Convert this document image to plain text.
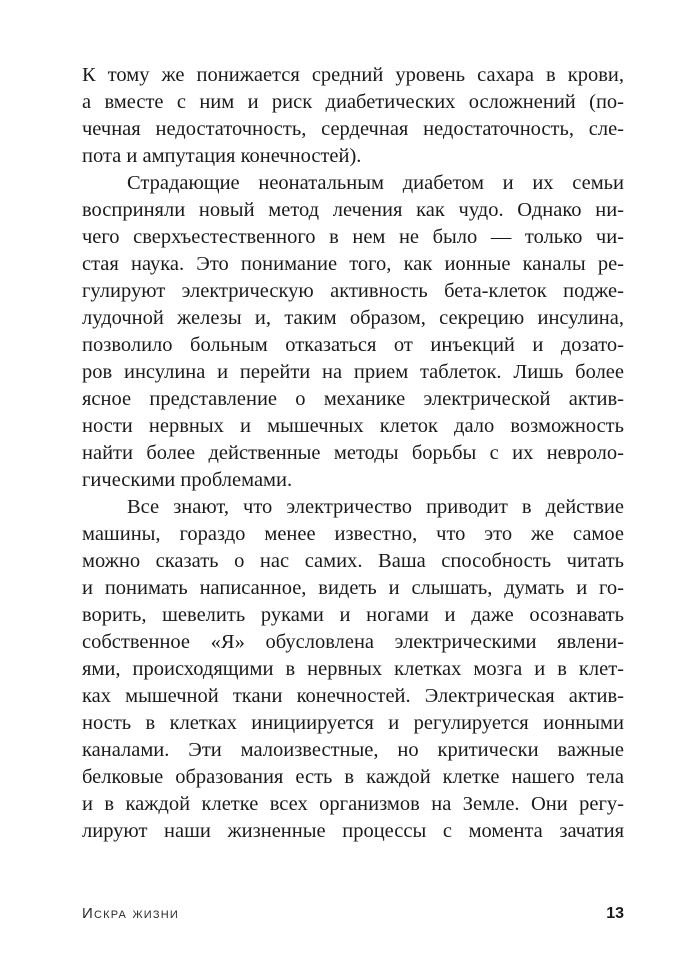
К тому же понижается средний уровень сахара в крови,
а вместе с ним и риск диабетических осложнений (по-
чечная недостаточность, сердечная недостаточность, сле-
пота и ампутация конечностей).
Страдающие неонатальным диабетом и их семьи
восприняли новый метод лечения как чудо. Однако ни-
чего сверхъестественного в нем не было — только чи-
стая наука. Это понимание того, как ионные каналы ре-
гулируют электрическую активность бета-клеток подже-
лудочной железы и, таким образом, секрецию инсулина,
позволило больным отказаться от инъекций и дозато-
ров инсулина и перейти на прием таблеток. Лишь более
ясное представление о механике электрической актив-
ности нервных и мышечных клеток дало возможность
найти более действенные методы борьбы с их невроло-
гическими проблемами.
Все знают, что электричество приводит в действие
машины, гораздо менее известно, что это же самое
можно сказать о нас самих. Ваша способность читать
и понимать написанное, видеть и слышать, думать и го-
ворить, шевелить руками и ногами и даже осознавать
собственное «Я» обусловлена электрическими явлени-
ями, происходящими в нервных клетках мозга и в клет-
ках мышечной ткани конечностей. Электрическая актив-
ность в клетках инициируется и регулируется ионными
каналами. Эти малоизвестные, но критически важные
белковые образования есть в каждой клетке нашего тела
и в каждой клетке всех организмов на Земле. Они регу-
лируют наши жизненные процессы с момента зачатия
Искра жизни	13
